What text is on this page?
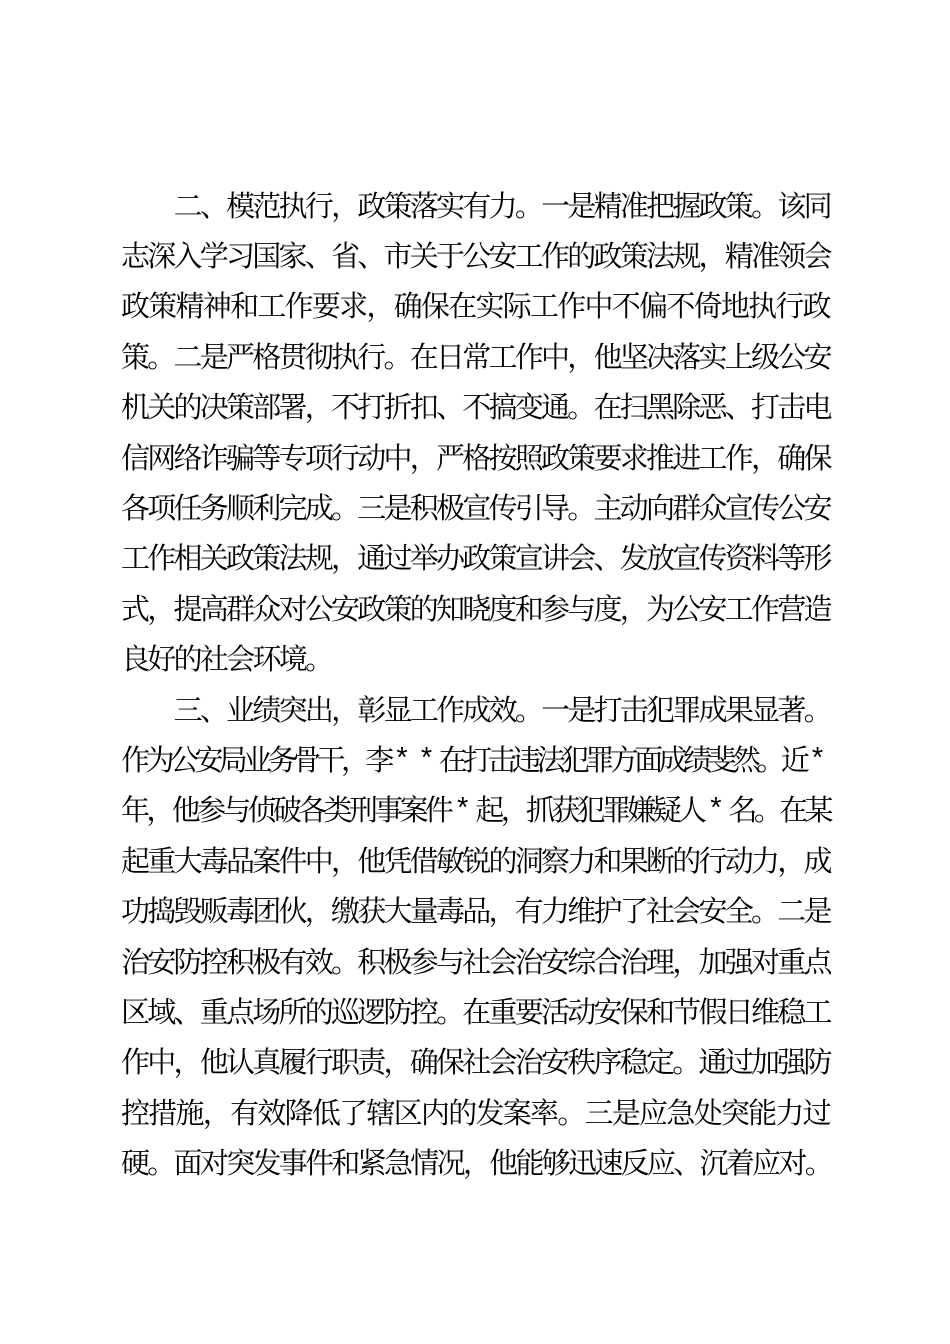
二
、
模
范
执
行
，
政
策
落
实
有
力
。
一
是
精
准
把
握
政
策
。
该
同
志
深
入
学
习
国
家
、
省
、
市
关
于
公
安
工
作
的
政
策
法
规
，
精
准
领
会
政
策
精
神
和
工
作
要
求
，
确
保
在
实
际
工
作
中
不
偏
不
倚
地
执
行
政
策
。
二
是
严
格
贯
彻
执
行
。
在
日
常
工
作
中
，
他
坚
决
落
实
上
级
公
安
机
关
的
决
策
部
署
，
不
打
折
扣
、
不
搞
变
通
。
在
扫
黑
除
恶
、
打
击
电
信
网
络
诈
骗
等
专
项
行
动
中
，
严
格
按
照
政
策
要
求
推
进
工
作
，
确
保
各
项
任
务
顺
利
完
成
。
三
是
积
极
宣
传
引
导
。
主
动
向
群
众
宣
传
公
安
工
作
相
关
政
策
法
规
，
通
过
举
办
政
策
宣
讲
会
、
发
放
宣
传
资
料
等
形
式
，
提
高
群
众
对
公
安
政
策
的
知
晓
度
和
参
与
度
，
为
公
安
工
作
营
造
良
好
的
社
会
环
境
。
三
、
业
绩
突
出
，
彰
显
工
作
成
效
。
一
是
打
击
犯
罪
成
果
显
著
。
作
为
公
安
局
业
务
骨
干
，
李 * * 在
打
击
违
法
犯
罪
方
面
成
绩
斐
然
。
近 *
年
，
他
参
与
侦
破
各
类
刑
事
案
件 * 起
，
抓
获
犯
罪
嫌
疑
人 * 名
。
在
某
起
重
大
毒
品
案
件
中
，
他
凭
借
敏
锐
的
洞
察
力
和
果
断
的
行
动
力
，
成
功
捣
毁
贩
毒
团
伙
，
缴
获
大
量
毒
品
，
有
力
维
护
了
社
会
安
全
。
二
是
治
安
防
控
积
极
有
效
。
积
极
参
与
社
会
治
安
综
合
治
理
，
加
强
对
重
点
区
域
、
重
点
场
所
的
巡
逻
防
控
。
在
重
要
活
动
安
保
和
节
假
日
维
稳
工
作
中
，
他
认
真
履
行
职
责
，
确
保
社
会
治
安
秩
序
稳
定
。
通
过
加
强
防
控
措
施
，
有
效
降
低
了
辖
区
内
的
发
案
率
。
三
是
应
急
处
突
能
力
过
硬
。
面
对
突
发
事
件
和
紧
急
情
况
，
他
能
够
迅
速
反
应
、
沉
着
应
对
。
